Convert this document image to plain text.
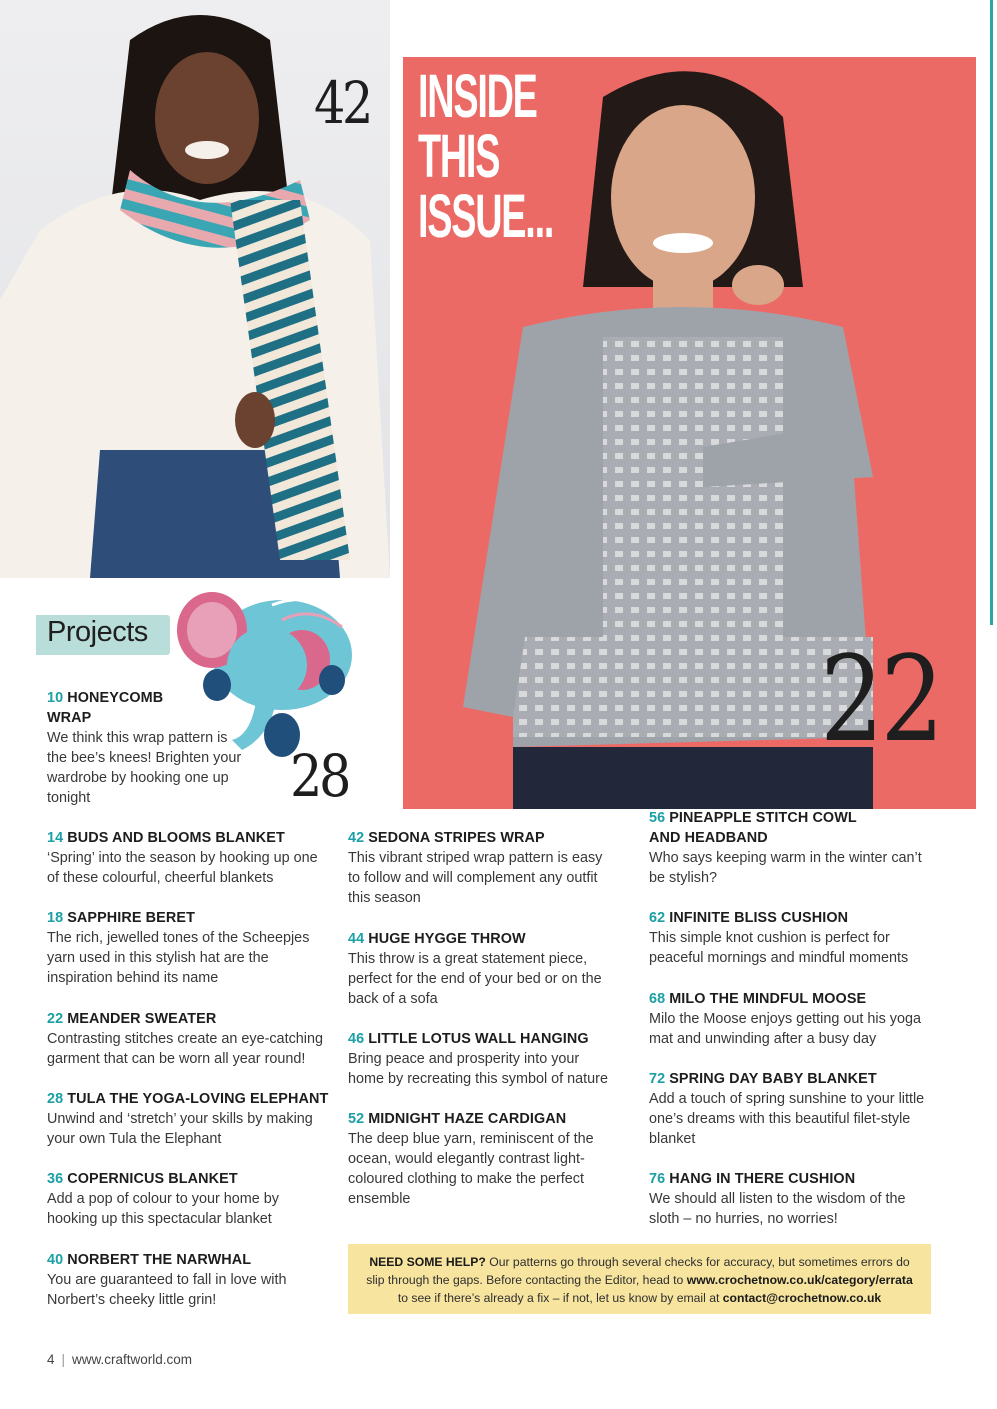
INSIDE
THIS
ISSUE...
42
22
Projects
28
10 HONEYCOMB WRAP
We think this wrap pattern is the bee’s knees! Brighten your wardrobe by hooking one up tonight
14 BUDS AND BLOOMS BLANKET
‘Spring’ into the season by hooking up one of these colourful, cheerful blankets
18 SAPPHIRE BERET
The rich, jewelled tones of the Scheepjes yarn used in this stylish hat are the inspiration behind its name
22 MEANDER SWEATER
Contrasting stitches create an eye-catching garment that can be worn all year round!
28 TULA THE YOGA-LOVING ELEPHANT
Unwind and ‘stretch’ your skills by making your own Tula the Elephant
36 COPERNICUS BLANKET
Add a pop of colour to your home by hooking up this spectacular blanket
40 NORBERT THE NARWHAL
You are guaranteed to fall in love with Norbert’s cheeky little grin!
42 SEDONA STRIPES WRAP
This vibrant striped wrap pattern is easy to follow and will complement any outfit this season
44 HUGE HYGGE THROW
This throw is a great statement piece, perfect for the end of your bed or on the back of a sofa
46 LITTLE LOTUS WALL HANGING
Bring peace and prosperity into your home by recreating this symbol of nature
52 MIDNIGHT HAZE CARDIGAN
The deep blue yarn, reminiscent of the ocean, would elegantly contrast light-coloured clothing to make the perfect ensemble
56 PINEAPPLE STITCH COWL AND HEADBAND
Who says keeping warm in the winter can’t be stylish?
62 INFINITE BLISS CUSHION
This simple knot cushion is perfect for peaceful mornings and mindful moments
68 MILO THE MINDFUL MOOSE
Milo the Moose enjoys getting out his yoga mat and unwinding after a busy day
72 SPRING DAY BABY BLANKET
Add a touch of spring sunshine to your little one’s dreams with this beautiful filet-style blanket
76 HANG IN THERE CUSHION
We should all listen to the wisdom of the sloth – no hurries, no worries!
NEED SOME HELP? Our patterns go through several checks for accuracy, but sometimes errors do slip through the gaps. Before contacting the Editor, head to www.crochetnow.co.uk/category/errata to see if there’s already a fix – if not, let us know by email at contact@crochetnow.co.uk
4 | www.craftworld.com
